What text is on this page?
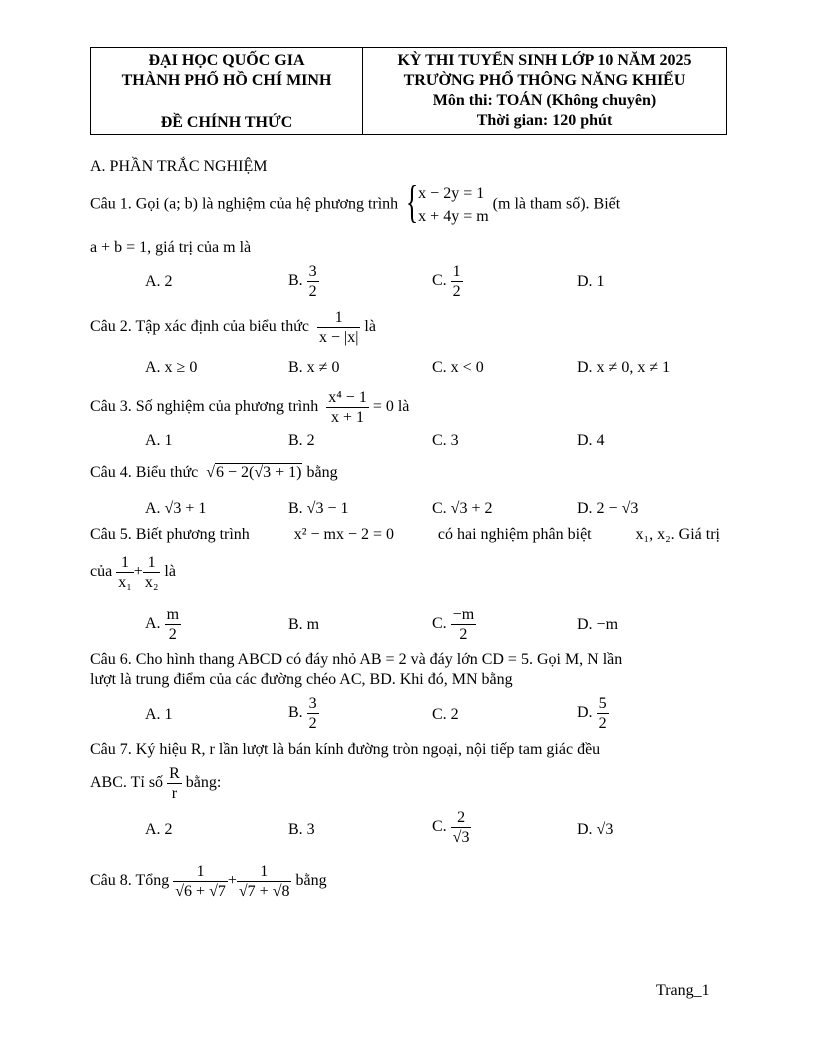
ĐẠI HỌC QUỐC GIA
THÀNH PHỐ HỒ CHÍ MINH
ĐỀ CHÍNH THỨC
KỲ THI TUYỂN SINH LỚP 10 NĂM 2025
TRƯỜNG PHỔ THÔNG NĂNG KHIẾU
Môn thi: TOÁN (Không chuyên)
Thời gian: 120 phút
A. PHẦN TRẮC NGHIỆM
Câu 1. Gọi (a; b) là nghiệm của hệ phương trình { x − 2y = 1
x + 4y = m
(m là tham số). Biết
a + b = 1, giá trị của m là
A. 2	B. $\frac{3}{2}$	C. $\frac{1}{2}$	D. 1
Câu 2. Tập xác định của biểu thức $\frac{1}{x - |x|}$ là
A. x ≥ 0	B. x ≠ 0	C. x < 0	D. x ≠ 0, x ≠ 1
Câu 3. Số nghiệm của phương trình $\frac{\text{x⁴ − 1}}{x + 1} = 0$ là
A. 1	B. 2	C. 3	D. 4
Câu 4. Biểu thức √6 − 2(√3 + 1) bằng
A. √3 + 1	B. √3 − 1	C. √3 + 2	D. 2 − √3
Câu 5. Biết phương trình	x² − mx − 2 = 0	có hai nghiệm phân biệt	x₁, x₂. Giá trị
của $\frac{1}{\text{x₁}} + \frac{1}{\text{x₂}}$ là
A. $\frac{m}{2}$	B. m	C. $\frac{-m}{2}$	D. −m
Câu 6. Cho hình thang ABCD có đáy nhỏ AB = 2 và đáy lớn CD = 5. Gọi M, N lần
lượt là trung điểm của các đường chéo AC, BD. Khi đó, MN bằng
A. 1	B. $\frac{3}{2}$	C. 2	D. $\frac{5}{2}$
Câu 7. Ký hiệu R, r lần lượt là bán kính đường tròn ngoại, nội tiếp tam giác đều
ABC. Tỉ số $\frac{R}{r}$ bằng:
A. 2	B. 3	C. $\frac{2}{√3}$	D. √3
Câu 8. Tổng $\frac{1}{√6 + √7} + \frac{1}{√7 + √8}$ bằng
Trang_1
